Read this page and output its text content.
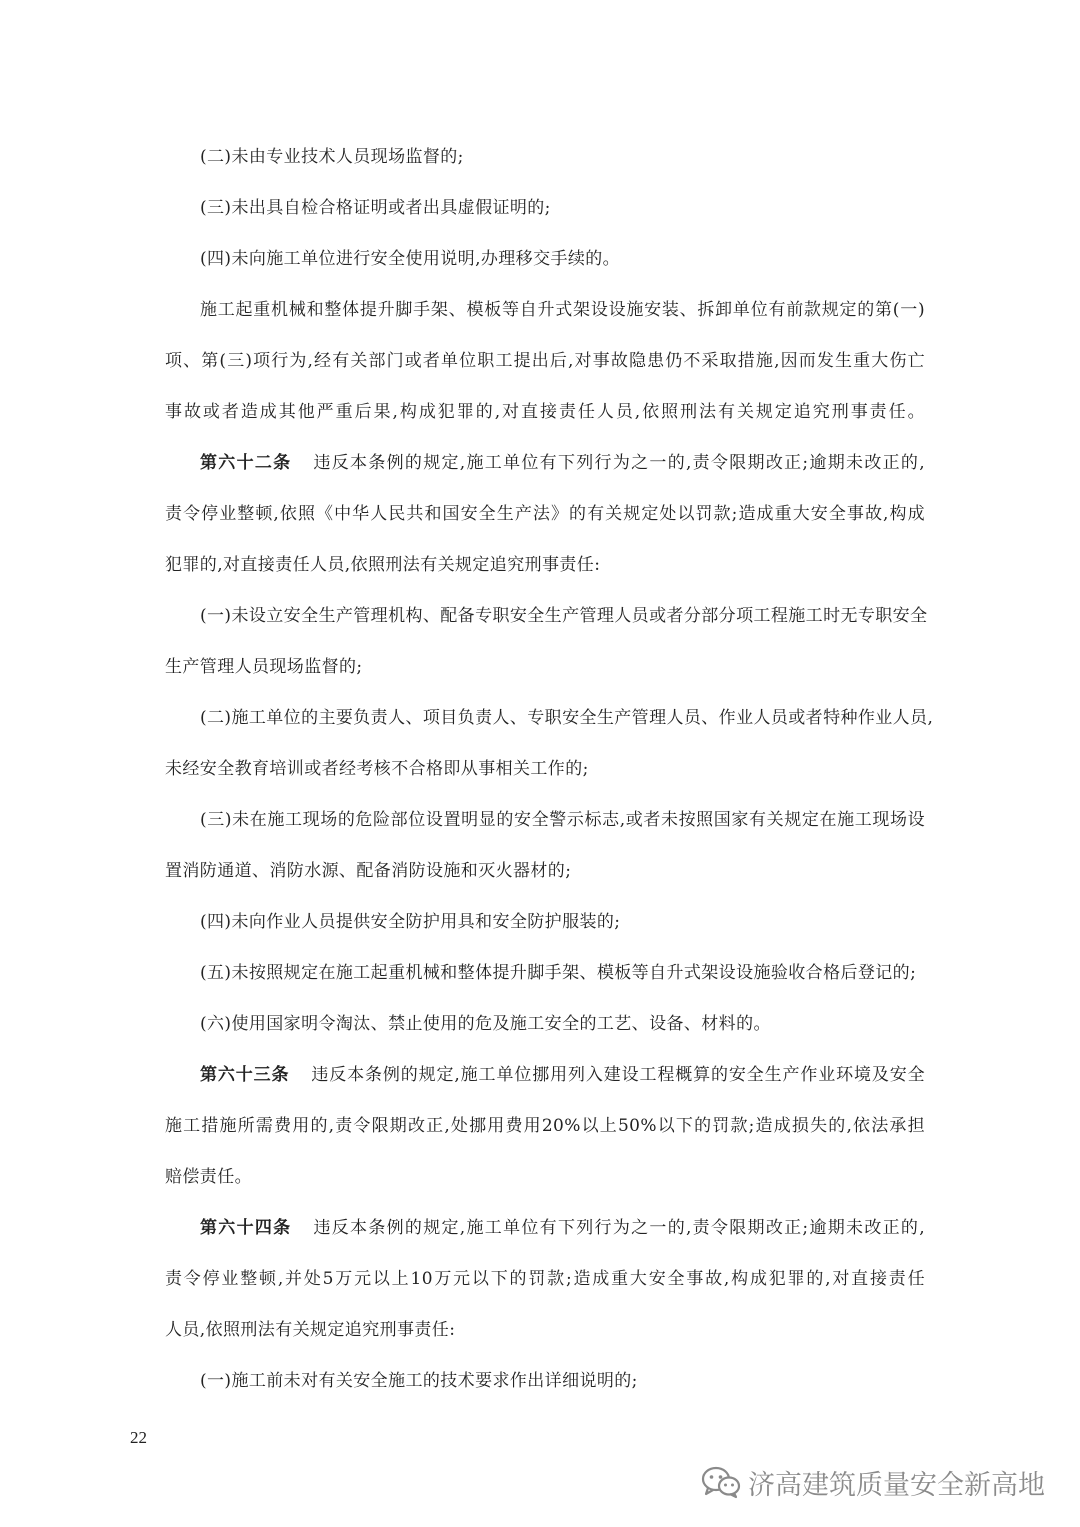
(二)未由专业技术人员现场监督的;
(三)未出具自检合格证明或者出具虚假证明的;
(四)未向施工单位进行安全使用说明,办理移交手续的。
施工起重机械和整体提升脚手架、模板等自升式架设设施安装、拆卸单位有前款规定的第(一)
项、第(三)项行为,经有关部门或者单位职工提出后,对事故隐患仍不采取措施,因而发生重大伤亡
事故或者造成其他严重后果,构成犯罪的,对直接责任人员,依照刑法有关规定追究刑事责任。
第六十二条 违反本条例的规定,施工单位有下列行为之一的,责令限期改正;逾期未改正的,
责令停业整顿,依照《中华人民共和国安全生产法》的有关规定处以罚款;造成重大安全事故,构成
犯罪的,对直接责任人员,依照刑法有关规定追究刑事责任:
(一)未设立安全生产管理机构、配备专职安全生产管理人员或者分部分项工程施工时无专职安全
生产管理人员现场监督的;
(二)施工单位的主要负责人、项目负责人、专职安全生产管理人员、作业人员或者特种作业人员,
未经安全教育培训或者经考核不合格即从事相关工作的;
(三)未在施工现场的危险部位设置明显的安全警示标志,或者未按照国家有关规定在施工现场设
置消防通道、消防水源、配备消防设施和灭火器材的;
(四)未向作业人员提供安全防护用具和安全防护服装的;
(五)未按照规定在施工起重机械和整体提升脚手架、模板等自升式架设设施验收合格后登记的;
(六)使用国家明令淘汰、禁止使用的危及施工安全的工艺、设备、材料的。
第六十三条 违反本条例的规定,施工单位挪用列入建设工程概算的安全生产作业环境及安全
施工措施所需费用的,责令限期改正,处挪用费用20%以上50%以下的罚款;造成损失的,依法承担
赔偿责任。
第六十四条 违反本条例的规定,施工单位有下列行为之一的,责令限期改正;逾期未改正的,
责令停业整顿,并处5万元以上10万元以下的罚款;造成重大安全事故,构成犯罪的,对直接责任
人员,依照刑法有关规定追究刑事责任:
(一)施工前未对有关安全施工的技术要求作出详细说明的;
22
济高建筑质量安全新高地
